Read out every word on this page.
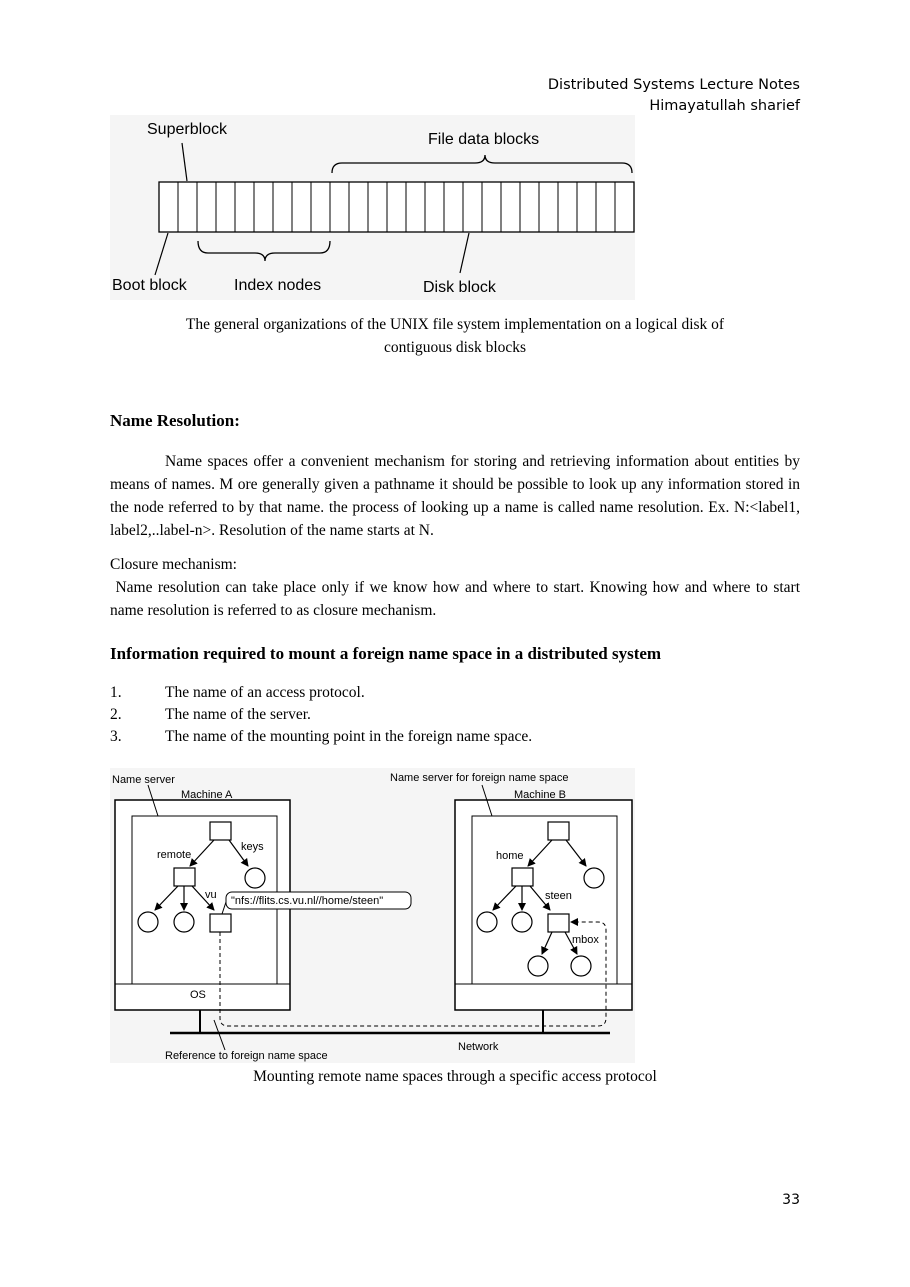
Distributed Systems Lecture Notes
Himayatullah sharief
Superblock
File data blocks
Boot block	Index nodes	Disk block
The general organizations of the UNIX file system implementation on a logical disk of
contiguous disk blocks
Name Resolution:
Name spaces offer a convenient mechanism for storing and retrieving information about entities by means of names. M ore generally given a pathname it should be possible to look up any information stored in the node referred to by that name. the process of looking up a name is called name resolution. Ex. N:<label1, label2,..label-n>. Resolution of the name starts at N.
Closure mechanism:
Name resolution can take place only if we know how and where to start. Knowing how and where to start name resolution is referred to as closure mechanism.
Information required to mount a foreign name space in a distributed system
1.	The name of an access protocol.
2.	The name of the server.
3.	The name of the mounting point in the foreign name space.
Name server
Machine A
Name server for foreign name space
Machine B
remote
keys
vu "nfs://flits.cs.vu.nl//home/steen"
home
steen
mbox
OS
Network
Reference to foreign name space
Mounting remote name spaces through a specific access protocol
33
